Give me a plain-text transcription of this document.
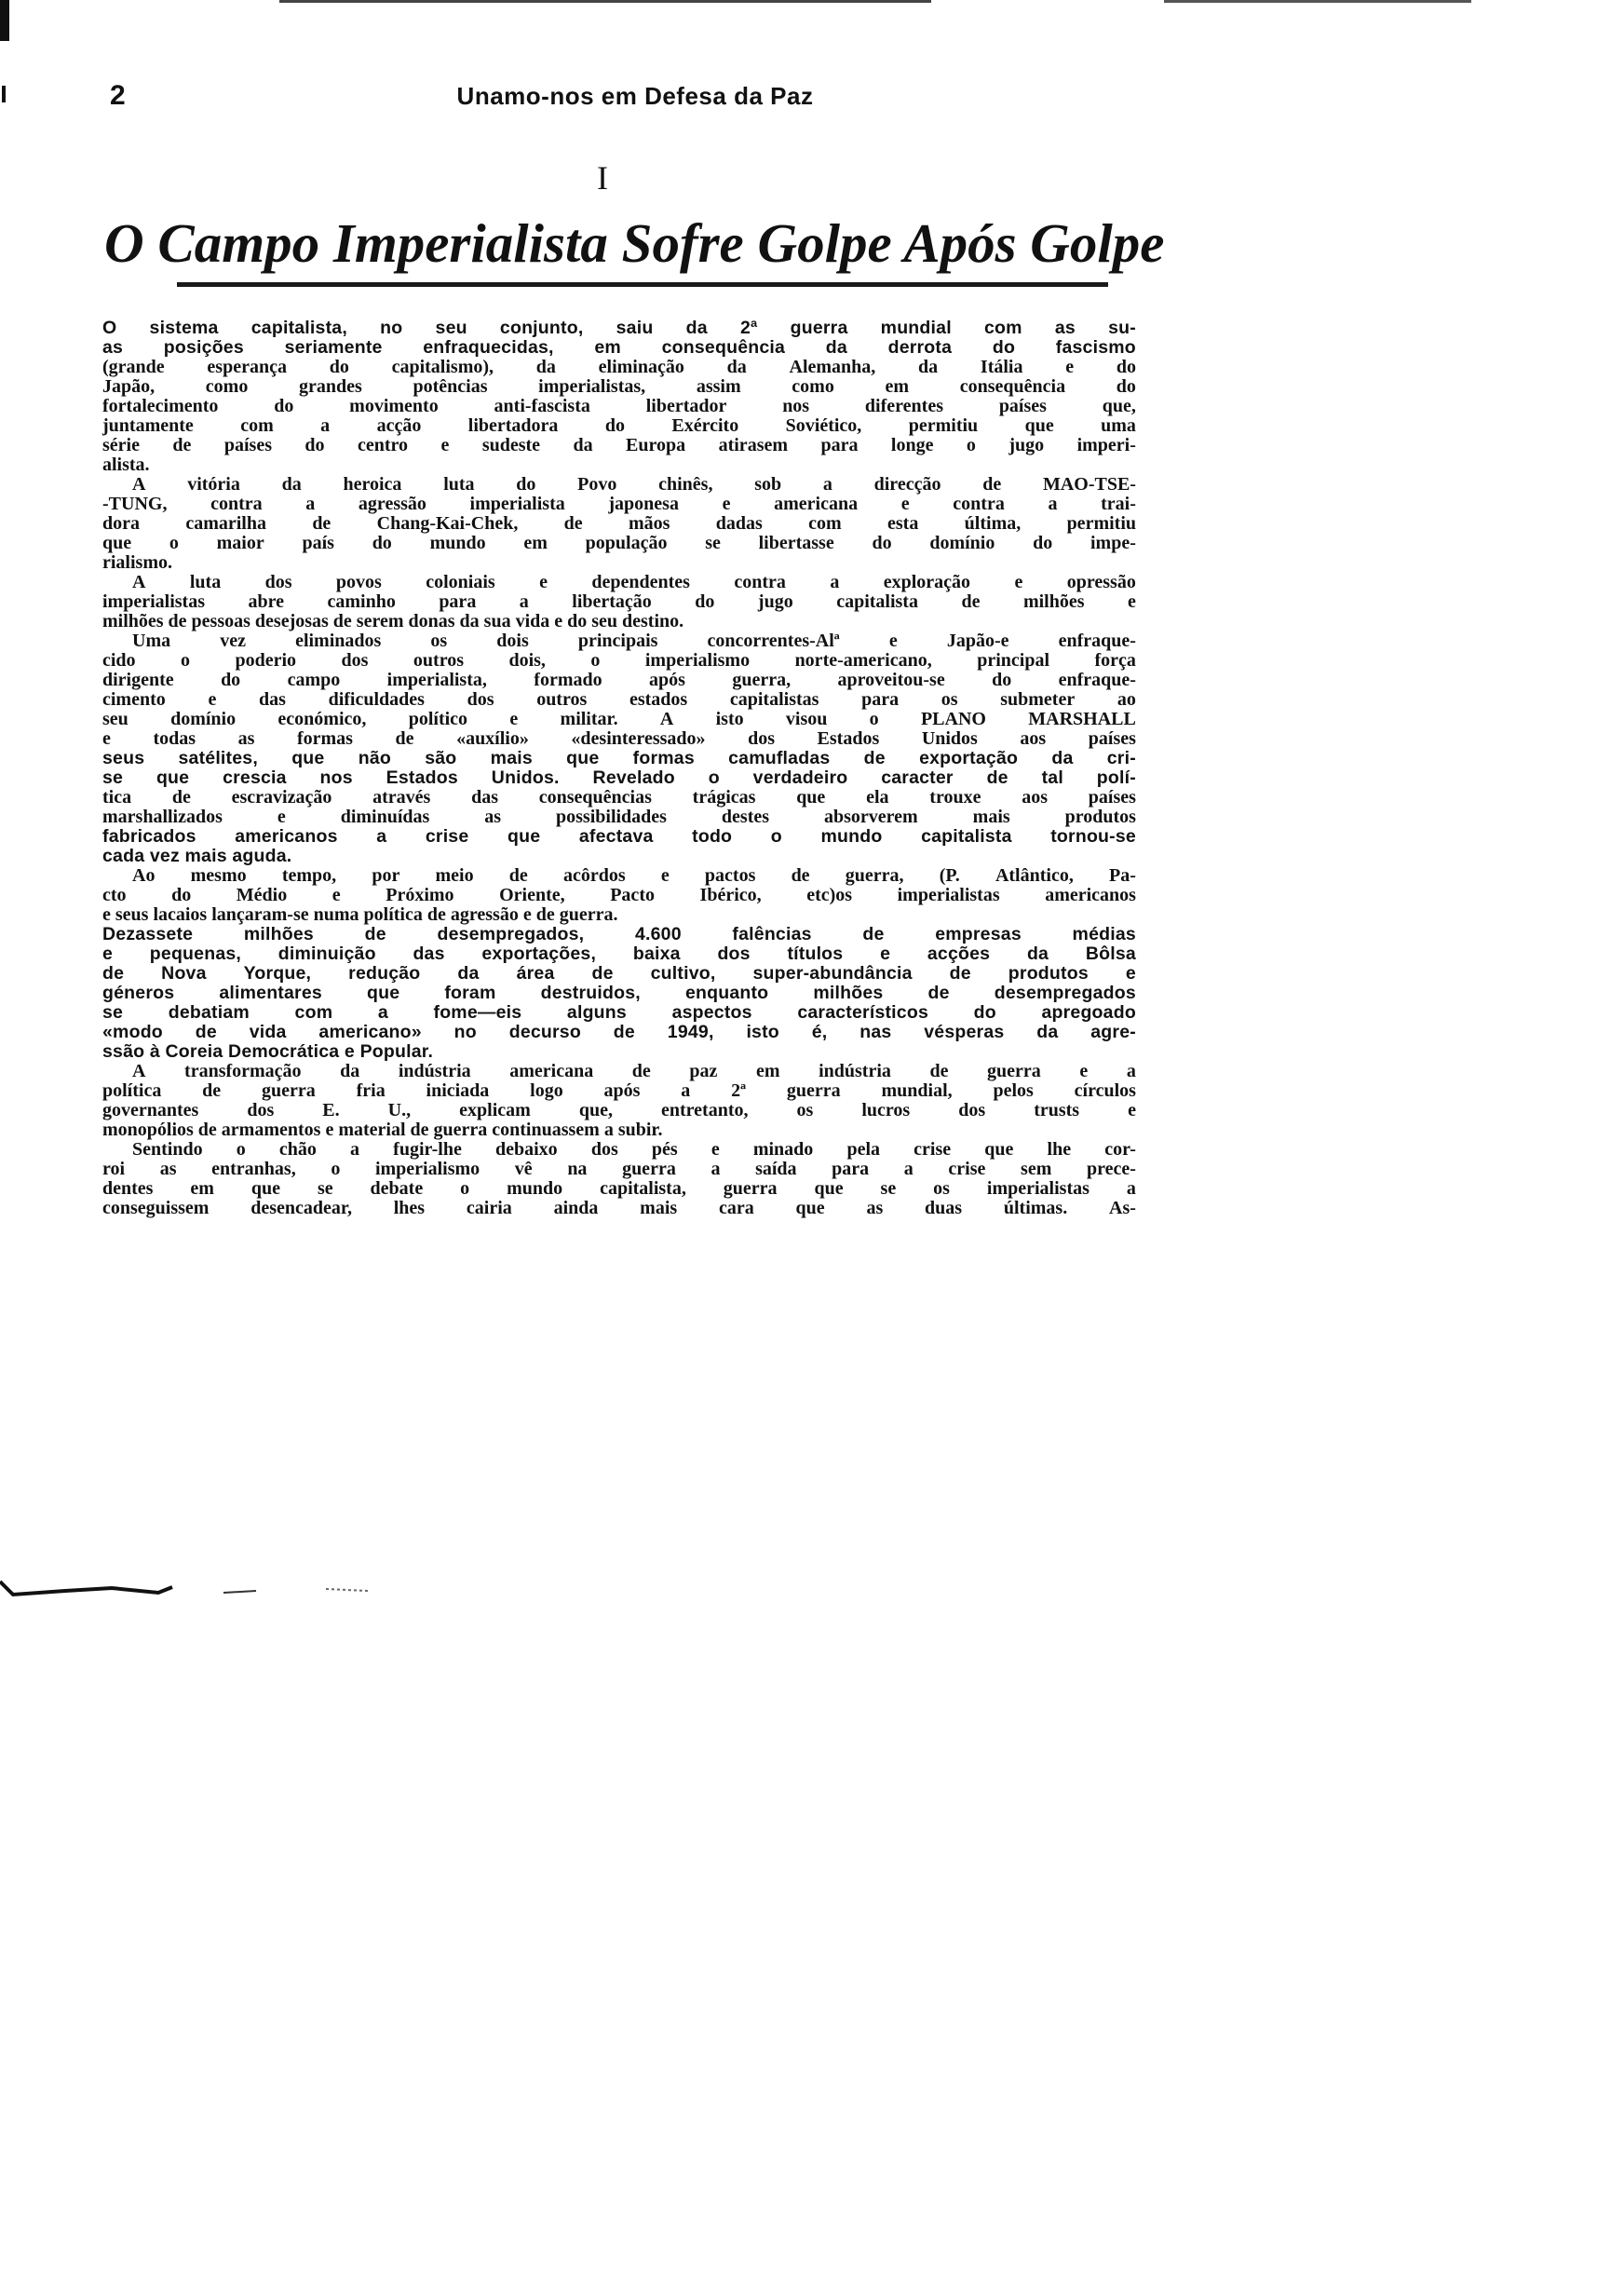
2	Unamo-nos em Defesa da Paz
I
O Campo Imperialista Sofre Golpe Após Golpe
O sistema capitalista, no seu conjunto, saiu da 2ª guerra mundial com as su-
as posições seriamente enfraquecidas, em consequência da derrota do fascismo
(grande esperança do capitalismo), da eliminação da Alemanha, da Itália e do
Japão,	como	grandes	potências	imperialistas,	assim	como	em	consequência	do
fortalecimento	do	movimento	anti-fascista	libertador	nos	diferentes	países	que,
juntamente	com	a	acção	libertadora	do	Exército	Soviético,	permitiu	que	uma
série de países do centro e sudeste da Europa atirasem para longe o jugo imperi-
alista.
A vitória da heroica luta do Povo chinês, sob a direcção de MAO-TSE-
-TUNG, contra a agressão imperialista japonesa e americana e contra a trai-
dora camarilha de Chang-Kai-Chek, de mãos dadas com esta última, permitiu
que o maior país do mundo em população se libertasse do domínio do impe-
rialismo.
A luta dos povos coloniais e dependentes contra a exploração e opressão
imperialistas abre caminho para a libertação do jugo capitalista de milhões e
milhões de pessoas desejosas de serem donas da sua vida e do seu destino.
Uma	vez	eliminados	os	dois	principais	concorrentes-Alª	e	Japão-e	enfraque-
cido o poderio dos outros dois, o imperialismo norte-americano, principal força
dirigente	do	campo	imperialista,	formado	após	guerra,	aproveitou-se	do	enfraque-
cimento e das dificuldades dos outros estados capitalistas para os submeter ao
seu domínio económico, político e militar. A isto visou o PLANO MARSHALL
e todas as formas de «auxílio» «desinteressado» dos Estados Unidos aos países
seus satélites, que não são mais que formas camufladas de exportação da cri-
se que crescia nos Estados Unidos. Revelado o verdadeiro caracter de tal polí-
tica de escravização através das consequências trágicas que ela trouxe aos países
marshallizados	e	diminuídas	as	possibilidades	destes	absorverem	mais	produtos
fabricados americanos a crise que afectava todo o mundo capitalista tornou-se
cada vez mais aguda.
Ao mesmo tempo, por meio de acôrdos e pactos de guerra, (P. Atlântico, Pa-
cto do Médio e Próximo Oriente, Pacto Ibérico, etc)os imperialistas americanos
e seus lacaios lançaram-se numa política de agressão e de guerra.
Dezassete	milhões	de	desempregados,	4.600	falências	de	empresas	médias
e pequenas, diminuição das exportações, baixa dos títulos e acções da Bôlsa
de Nova Yorque, redução da área de cultivo, super-abundância de produtos e
géneros alimentares que foram destruidos, enquanto milhões de desempregados
se debatiam com a fome—eis alguns aspectos característicos do apregoado
«modo de vida americano» no decurso de 1949, isto é, nas vésperas da agre-
ssão à Coreia Democrática e Popular.
A transformação da indústria americana de paz em indústria de guerra e a
política de guerra fria iniciada logo após a 2ª guerra mundial, pelos círculos
governantes	dos	E.	U.,	explicam	que,	entretanto,	os	lucros	dos	trusts	e
monopólios de armamentos e material de guerra continuassem a subir.
Sentindo o chão a fugir-lhe debaixo dos pés e minado pela crise que lhe cor-
roi as entranhas, o imperialismo vê na guerra a saída para a crise sem prece-
dentes em que se debate o mundo capitalista, guerra que se os imperialistas a
conseguissem desencadear, lhes cairia ainda mais cara que as duas últimas. As-
